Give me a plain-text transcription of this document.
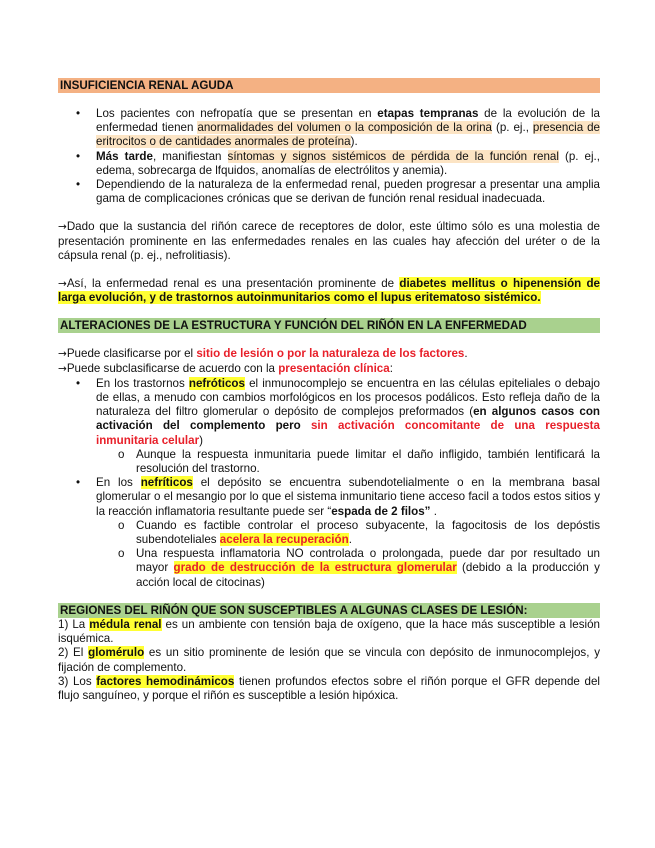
INSUFICIENCIA RENAL AGUDA
• Los pacientes con nefropatía que se presentan en etapas tempranas de la evolución de la enfermedad tienen anormalidades del volumen o la composición de la orina (p. ej., presencia de eritrocitos o de cantidades anormales de proteína).
• Más tarde, manifiestan síntomas y signos sistémicos de pérdida de la función renal (p. ej., edema, sobrecarga de lfquidos, anomalías de electrólitos y anemia).
• Dependiendo de la naturaleza de la enfermedad renal, pueden progresar a presentar una amplia gama de complicaciones crónicas que se derivan de función renal residual inadecuada.

→Dado que la sustancia del riñón carece de receptores de dolor, este último sólo es una molestia de presentación prominente en las enfermedades renales en las cuales hay afección del uréter o de la cápsula renal (p. ej., nefrolitiasis).

→Así, la enfermedad renal es una presentación prominente de diabetes mellitus o hipenensión de larga evolución, y de trastornos autoinmunitarios como el lupus eritematoso sistémico.

ALTERACIONES DE LA ESTRUCTURA Y FUNCIÓN DEL RIÑÓN EN LA ENFERMEDAD

→Puede clasificarse por el sitio de lesión o por la naturaleza de los factores.

→Puede subclasificarse de acuerdo con la presentación clínica:

• En los trastornos nefróticos el inmunocomplejo se encuentra en las células epiteliales o debajo de ellas, a menudo con cambios morfológicos en los procesos podálicos. Esto refleja daño de la naturaleza del filtro glomerular o depósito de complejos preformados (en algunos casos con activación del complemento pero sin activación concomitante de una respuesta inmunitaria celular)
o Aunque la respuesta inmunitaria puede limitar el daño infligido, también lentificará la resolución del trastorno.
• En los nefríticos el depósito se encuentra subendotelialmente o en la membrana basal glomerular o el mesangio por lo que el sistema inmunitario tiene acceso facil a todos estos sitios y la reacción inflamatoria resultante puede ser “espada de 2 filos” .
o Cuando es factible controlar el proceso subyacente, la fagocitosis de los depóstis subendoteliales acelera la recuperación.
o Una respuesta inflamatoria NO controlada o prolongada, puede dar por resultado un mayor grado de destrucción de la estructura glomerular (debido a la producción y acción local de citocinas)
REGIONES DEL RIÑÓN QUE SON SUSCEPTIBLES A ALGUNAS CLASES DE LESIÓN:

1) La médula renal es un ambiente con tensión baja de oxígeno, que la hace más susceptible a lesión isquémica.

2) El glomérulo es un sitio prominente de lesión que se vincula con depósito de inmunocomplejos, y fijación de complemento.

3) Los factores hemodinámicos tienen profundos efectos sobre el riñón porque el GFR depende del flujo sanguíneo, y porque el riñón es susceptible a lesión hipóxica.
